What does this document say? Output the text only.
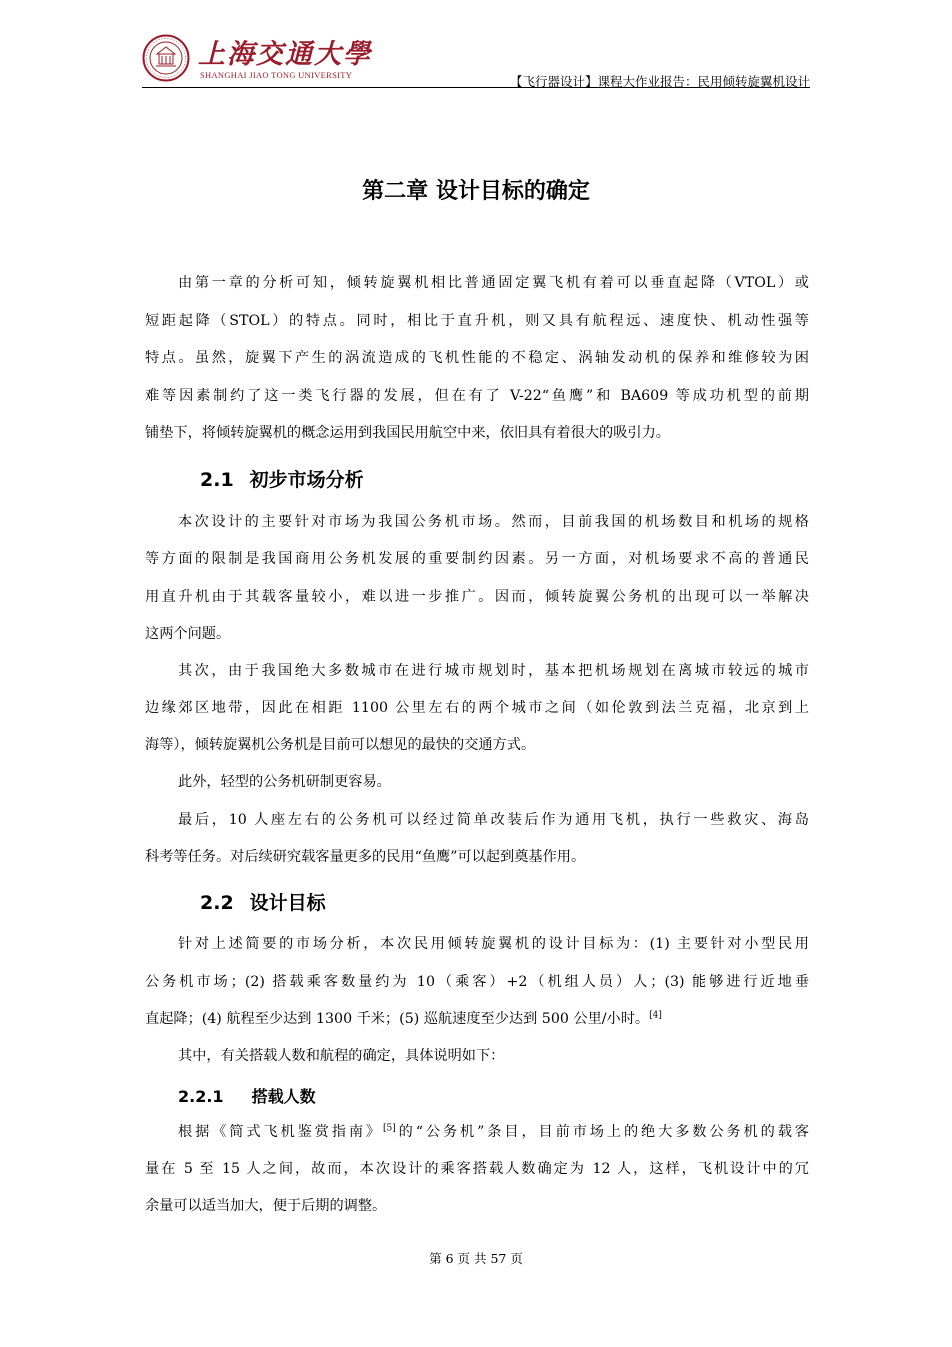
上海交通大學
SHANGHAI JIAO TONG UNIVERSITY	【飞行器设计】课程大作业报告：民用倾转旋翼机设计
第二章 设计目标的确定
由第一章的分析可知，倾转旋翼机相比普通固定翼飞机有着可以垂直起降（VTOL）或
短距起降（STOL）的特点。同时，相比于直升机，则又具有航程远、速度快、机动性强等
特点。虽然，旋翼下产生的涡流造成的飞机性能的不稳定、涡轴发动机的保养和维修较为困
难等因素制约了这一类飞行器的发展，但在有了 V-22“鱼鹰”和 BA609 等成功机型的前期
铺垫下，将倾转旋翼机的概念运用到我国民用航空中来，依旧具有着很大的吸引力。
2.1 初步市场分析
本次设计的主要针对市场为我国公务机市场。然而，目前我国的机场数目和机场的规格
等方面的限制是我国商用公务机发展的重要制约因素。另一方面，对机场要求不高的普通民
用直升机由于其载客量较小，难以进一步推广。因而，倾转旋翼公务机的出现可以一举解决
这两个问题。
其次，由于我国绝大多数城市在进行城市规划时，基本把机场规划在离城市较远的城市
边缘郊区地带，因此在相距 1100 公里左右的两个城市之间（如伦敦到法兰克福，北京到上
海等），倾转旋翼机公务机是目前可以想见的最快的交通方式。
此外，轻型的公务机研制更容易。
最后，10 人座左右的公务机可以经过简单改装后作为通用飞机，执行一些救灾、海岛
科考等任务。对后续研究载客量更多的民用“鱼鹰”可以起到奠基作用。
2.2 设计目标
针对上述简要的市场分析，本次民用倾转旋翼机的设计目标为：(1) 主要针对小型民用
公务机市场；(2) 搭载乘客数量约为 10（乘客）+2（机组人员）人；(3) 能够进行近地垂
直起降；(4) 航程至少达到 1300 千米；(5) 巡航速度至少达到 500 公里/小时。[4]
其中，有关搭载人数和航程的确定，具体说明如下：
2.2.1 搭载人数
根据《简式飞机鉴赏指南》[5]的“公务机”条目，目前市场上的绝大多数公务机的载客
量在 5 至 15 人之间，故而，本次设计的乘客搭载人数确定为 12 人，这样，飞机设计中的冗
余量可以适当加大，便于后期的调整。
第 6 页 共 57 页
